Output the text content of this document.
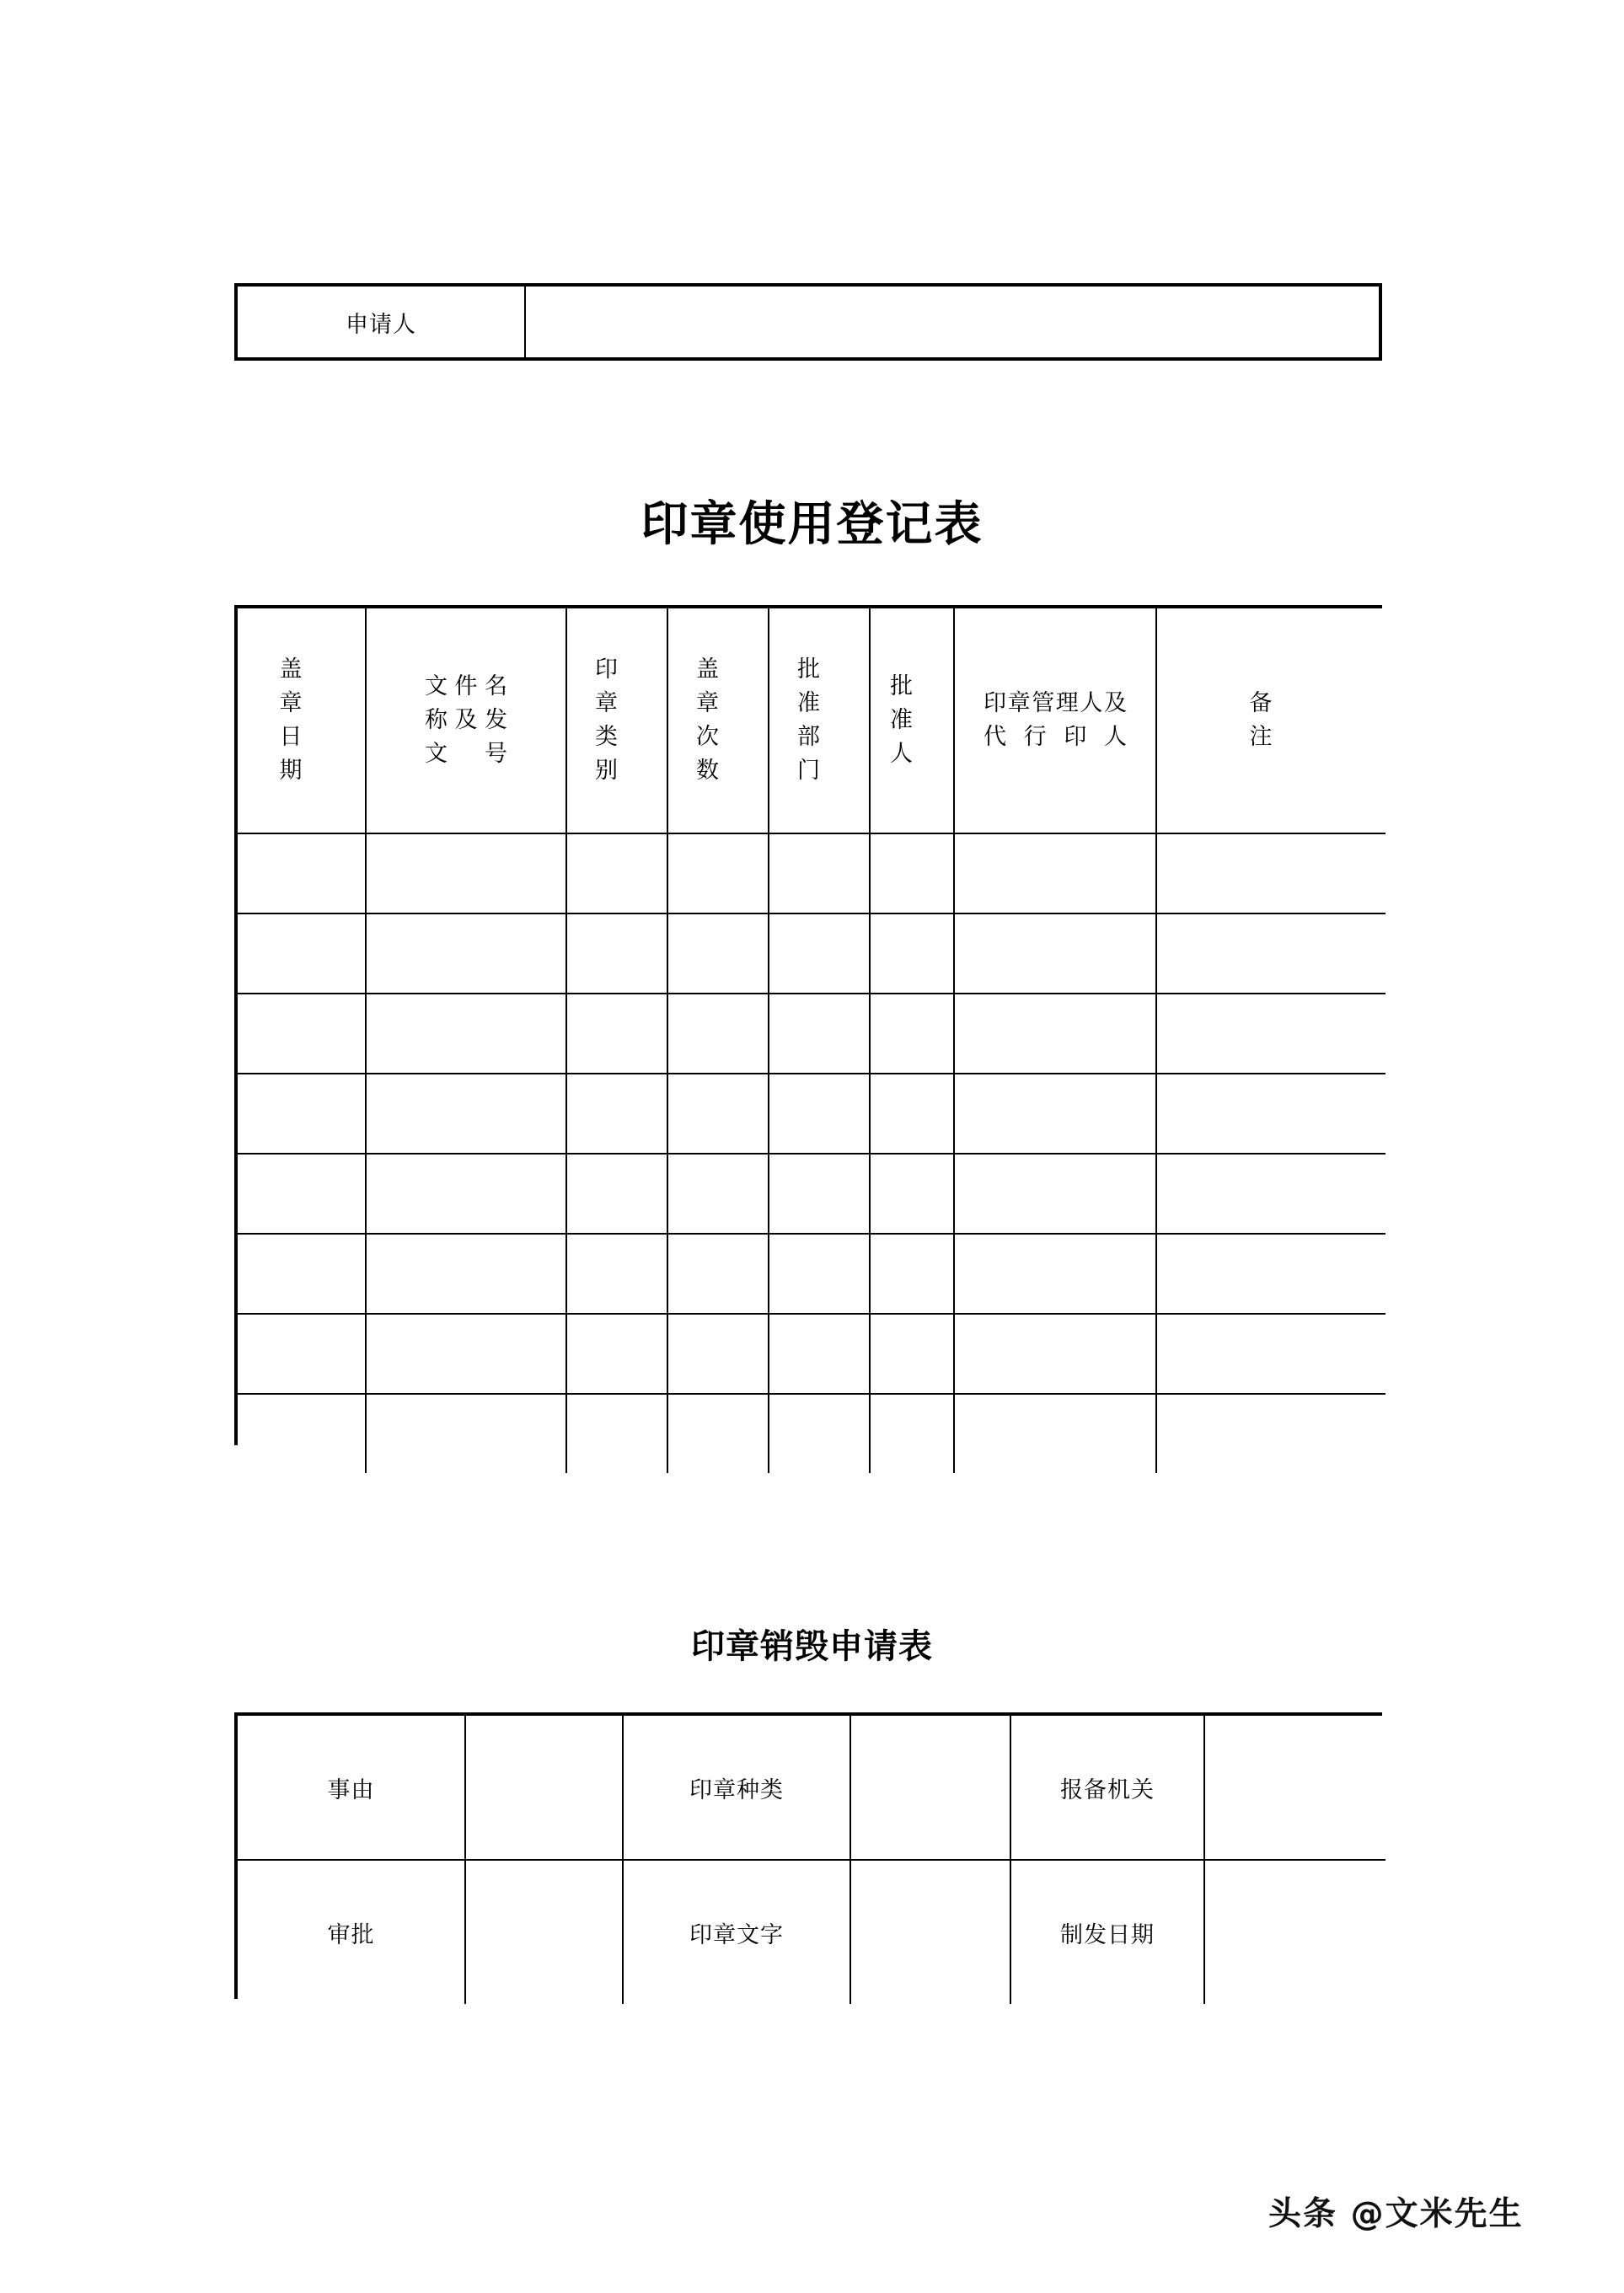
申请人	
印章使用登记表
盖章日期	文件名称及发文号	印章类别	盖章次数	批准部门	批准人	印章管理人及代行印人	备注

印章销毁申请表
事由		印章种类		报备机关	
审批		印章文字		制发日期	
头条 @文米先生
